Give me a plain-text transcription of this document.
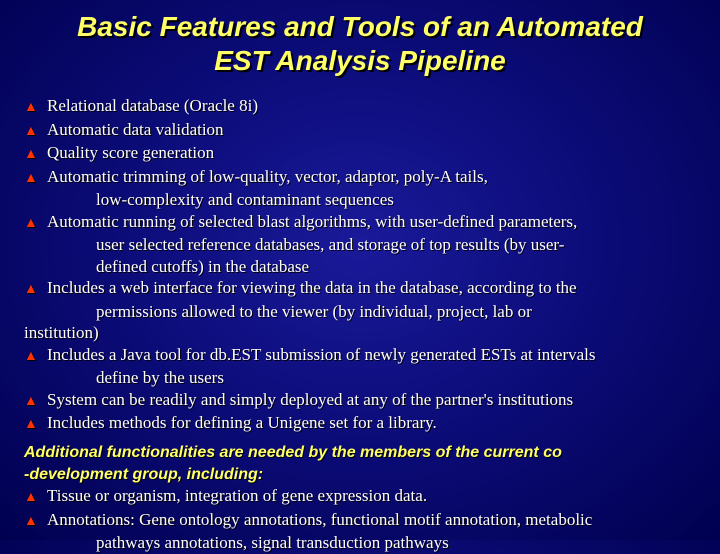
Basic Features and Tools of an Automated
EST Analysis Pipeline
▲ Relational database (Oracle 8i)
▲ Automatic data validation
▲ Quality score generation
▲ Automatic trimming of low-quality, vector, adaptor, poly-A tails,
low-complexity and contaminant sequences
▲ Automatic running of selected blast algorithms, with user-defined parameters,
user selected reference databases, and storage of top results (by user-
defined cutoffs) in the database
▲ Includes a web interface for viewing the data in the database, according to the
permissions allowed to the viewer (by individual, project, lab or
institution)
▲ Includes a Java tool for db.EST submission of newly generated ESTs at intervals
define by the users
▲ System can be readily and simply deployed at any of the partner's institutions
▲ Includes methods for defining a Unigene set for a library.
Additional functionalities are needed by the members of the current co
-development group, including:
▲ Tissue or organism, integration of gene expression data.
▲ Annotations: Gene ontology annotations, functional motif annotation, metabolic
pathways annotations, signal transduction pathways
